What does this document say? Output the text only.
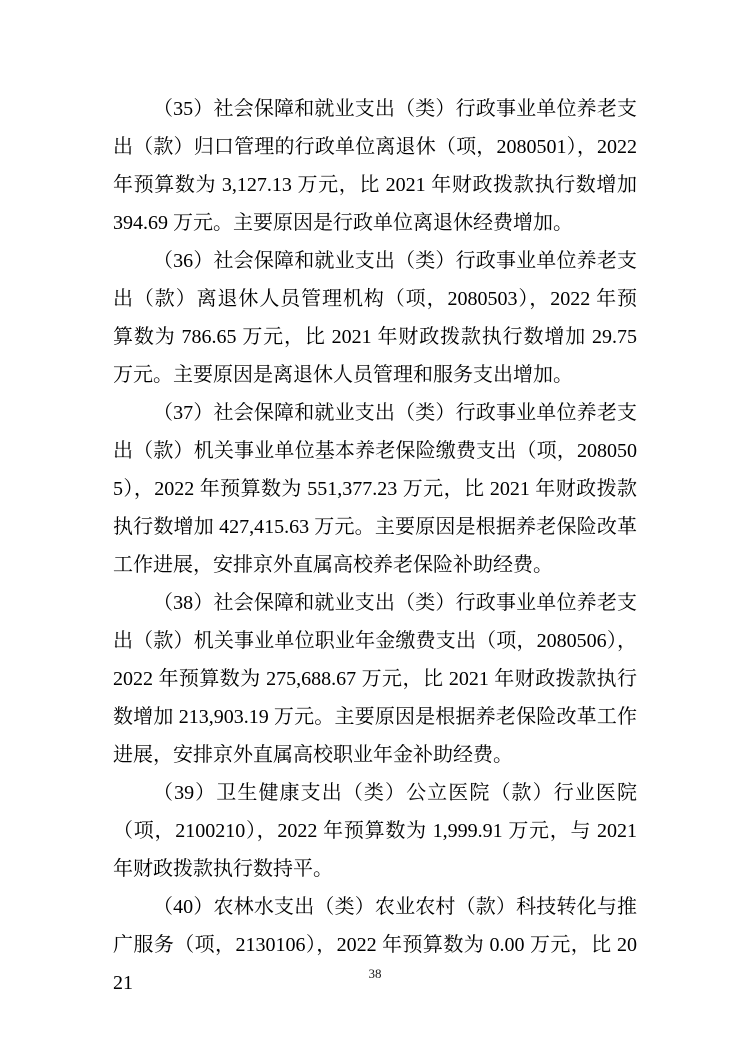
（35）社会保障和就业支出（类）行政事业单位养老支出（款）归口管理的行政单位离退休（项，2080501），2022 年预算数为 3,127.13 万元，比 2021 年财政拨款执行数增加 394.69 万元。主要原因是行政单位离退休经费增加。

（36）社会保障和就业支出（类）行政事业单位养老支出（款）离退休人员管理机构（项，2080503），2022 年预算数为 786.65 万元，比 2021 年财政拨款执行数增加 29.75 万元。主要原因是离退休人员管理和服务支出增加。

（37）社会保障和就业支出（类）行政事业单位养老支出（款）机关事业单位基本养老保险缴费支出（项，2080505），2022 年预算数为 551,377.23 万元，比 2021 年财政拨款执行数增加 427,415.63 万元。主要原因是根据养老保险改革工作进展，安排京外直属高校养老保险补助经费。

（38）社会保障和就业支出（类）行政事业单位养老支出（款）机关事业单位职业年金缴费支出（项，2080506），2022 年预算数为 275,688.67 万元，比 2021 年财政拨款执行数增加 213,903.19 万元。主要原因是根据养老保险改革工作进展，安排京外直属高校职业年金补助经费。

（39）卫生健康支出（类）公立医院（款）行业医院（项，2100210），2022 年预算数为 1,999.91 万元，与 2021 年财政拨款执行数持平。

（40）农林水支出（类）农业农村（款）科技转化与推广服务（项，2130106），2022 年预算数为 0.00 万元，比 2021	38
